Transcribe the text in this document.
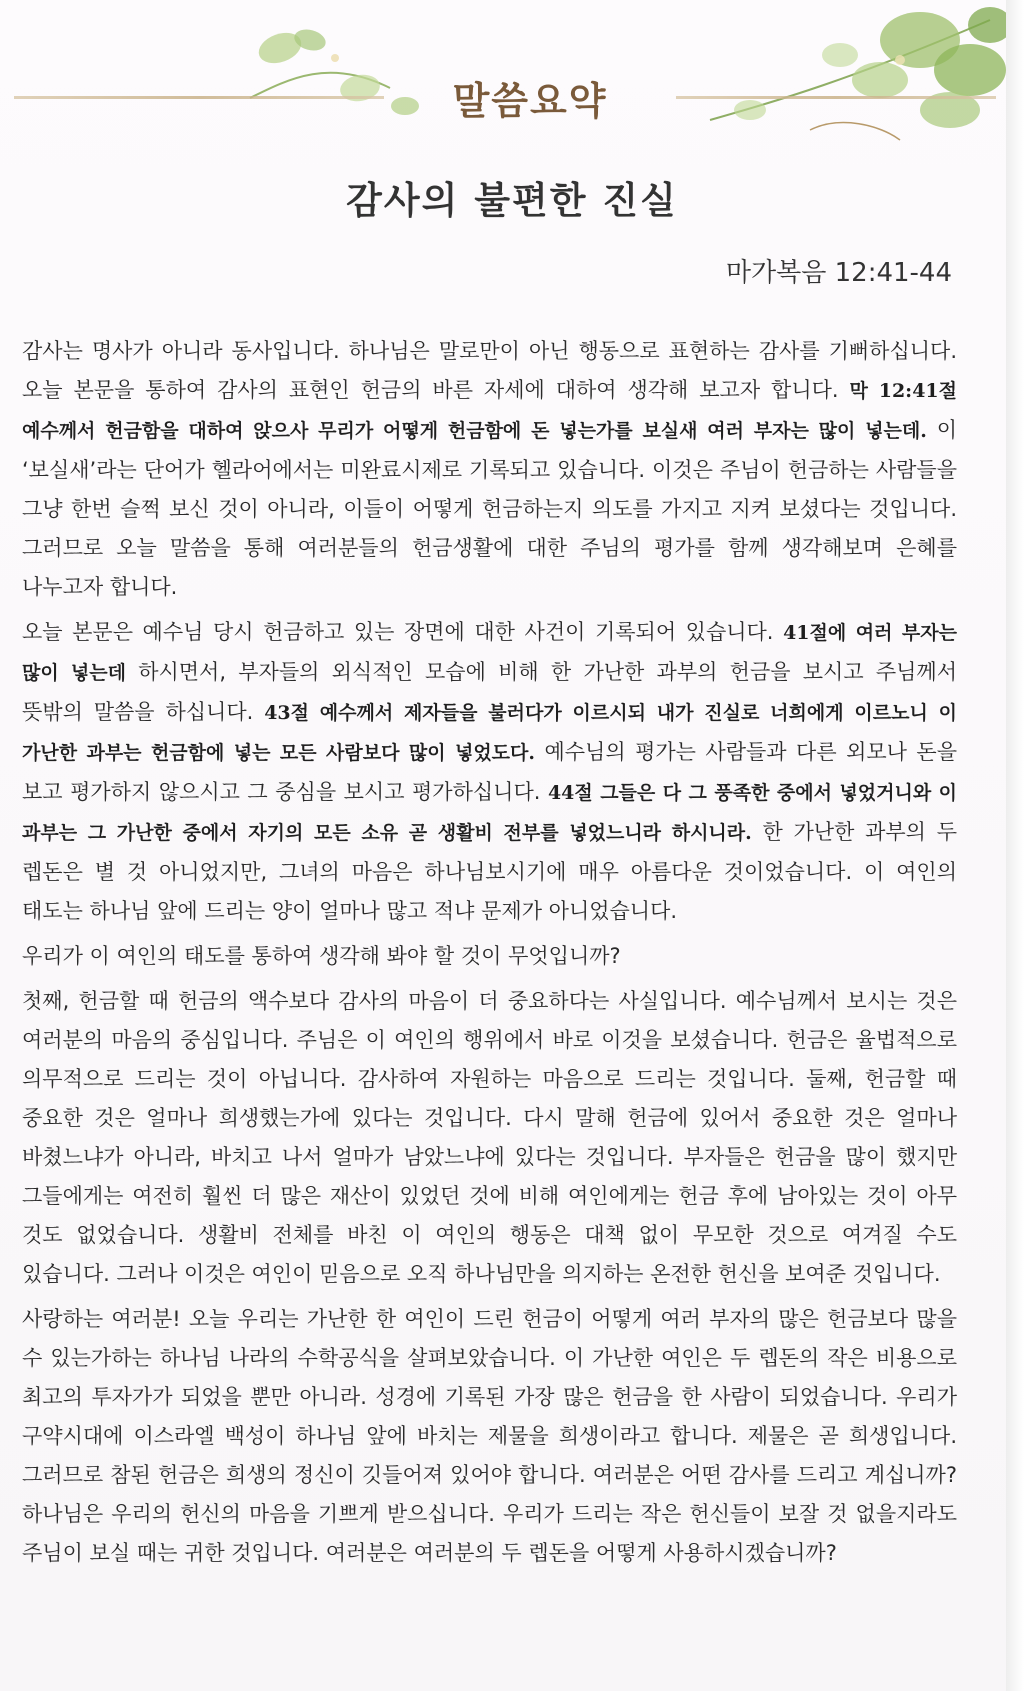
말씀요약
감사의 불편한 진실
마가복음 12:41-44

감사는 명사가 아니라 동사입니다. 하나님은 말로만이 아닌 행동으로 표현하는 감사를 기뻐하십니다. 오늘 본문을 통하여 감사의 표현인 헌금의 바른 자세에 대하여 생각해 보고자 합니다. 막 12:41절 예수께서 헌금함을 대하여 앉으사 무리가 어떻게 헌금함에 돈 넣는가를 보실새 여러 부자는 많이 넣는데. 이 ‘보실새’라는 단어가 헬라어에서는 미완료시제로 기록되고 있습니다. 이것은 주님이 헌금하는 사람들을 그냥 한번 슬쩍 보신 것이 아니라, 이들이 어떻게 헌금하는지 의도를 가지고 지켜 보셨다는 것입니다. 그러므로 오늘 말씀을 통해 여러분들의 헌금생활에 대한 주님의 평가를 함께 생각해보며 은혜를 나누고자 합니다.

오늘 본문은 예수님 당시 헌금하고 있는 장면에 대한 사건이 기록되어 있습니다. 41절에 여러 부자는 많이 넣는데 하시면서, 부자들의 외식적인 모습에 비해 한 가난한 과부의 헌금을 보시고 주님께서 뜻밖의 말씀을 하십니다. 43절 예수께서 제자들을 불러다가 이르시되 내가 진실로 너희에게 이르노니 이 가난한 과부는 헌금함에 넣는 모든 사람보다 많이 넣었도다. 예수님의 평가는 사람들과 다른 외모나 돈을 보고 평가하지 않으시고 그 중심을 보시고 평가하십니다. 44절 그들은 다 그 풍족한 중에서 넣었거니와 이 과부는 그 가난한 중에서 자기의 모든 소유 곧 생활비 전부를 넣었느니라 하시니라. 한 가난한 과부의 두 렙돈은 별 것 아니었지만, 그녀의 마음은 하나님보시기에 매우 아름다운 것이었습니다. 이 여인의 태도는 하나님 앞에 드리는 양이 얼마나 많고 적냐 문제가 아니었습니다.

우리가 이 여인의 태도를 통하여 생각해 봐야 할 것이 무엇입니까?

첫째, 헌금할 때 헌금의 액수보다 감사의 마음이 더 중요하다는 사실입니다. 예수님께서 보시는 것은 여러분의 마음의 중심입니다. 주님은 이 여인의 행위에서 바로 이것을 보셨습니다. 헌금은 율법적으로 의무적으로 드리는 것이 아닙니다. 감사하여 자원하는 마음으로 드리는 것입니다. 둘째, 헌금할 때 중요한 것은 얼마나 희생했는가에 있다는 것입니다. 다시 말해 헌금에 있어서 중요한 것은 얼마나 바쳤느냐가 아니라, 바치고 나서 얼마가 남았느냐에 있다는 것입니다. 부자들은 헌금을 많이 했지만 그들에게는 여전히 훨씬 더 많은 재산이 있었던 것에 비해 여인에게는 헌금 후에 남아있는 것이 아무 것도 없었습니다. 생활비 전체를 바친 이 여인의 행동은 대책 없이 무모한 것으로 여겨질 수도 있습니다. 그러나 이것은 여인이 믿음으로 오직 하나님만을 의지하는 온전한 헌신을 보여준 것입니다.

사랑하는 여러분! 오늘 우리는 가난한 한 여인이 드린 헌금이 어떻게 여러 부자의 많은 헌금보다 많을 수 있는가하는 하나님 나라의 수학공식을 살펴보았습니다. 이 가난한 여인은 두 렙돈의 작은 비용으로 최고의 투자가가 되었을 뿐만 아니라. 성경에 기록된 가장 많은 헌금을 한 사람이 되었습니다. 우리가 구약시대에 이스라엘 백성이 하나님 앞에 바치는 제물을 희생이라고 합니다. 제물은 곧 희생입니다. 그러므로 참된 헌금은 희생의 정신이 깃들어져 있어야 합니다. 여러분은 어떤 감사를 드리고 계십니까? 하나님은 우리의 헌신의 마음을 기쁘게 받으십니다. 우리가 드리는 작은 헌신들이 보잘 것 없을지라도 주님이 보실 때는 귀한 것입니다. 여러분은 여러분의 두 렙돈을 어떻게 사용하시겠습니까?
